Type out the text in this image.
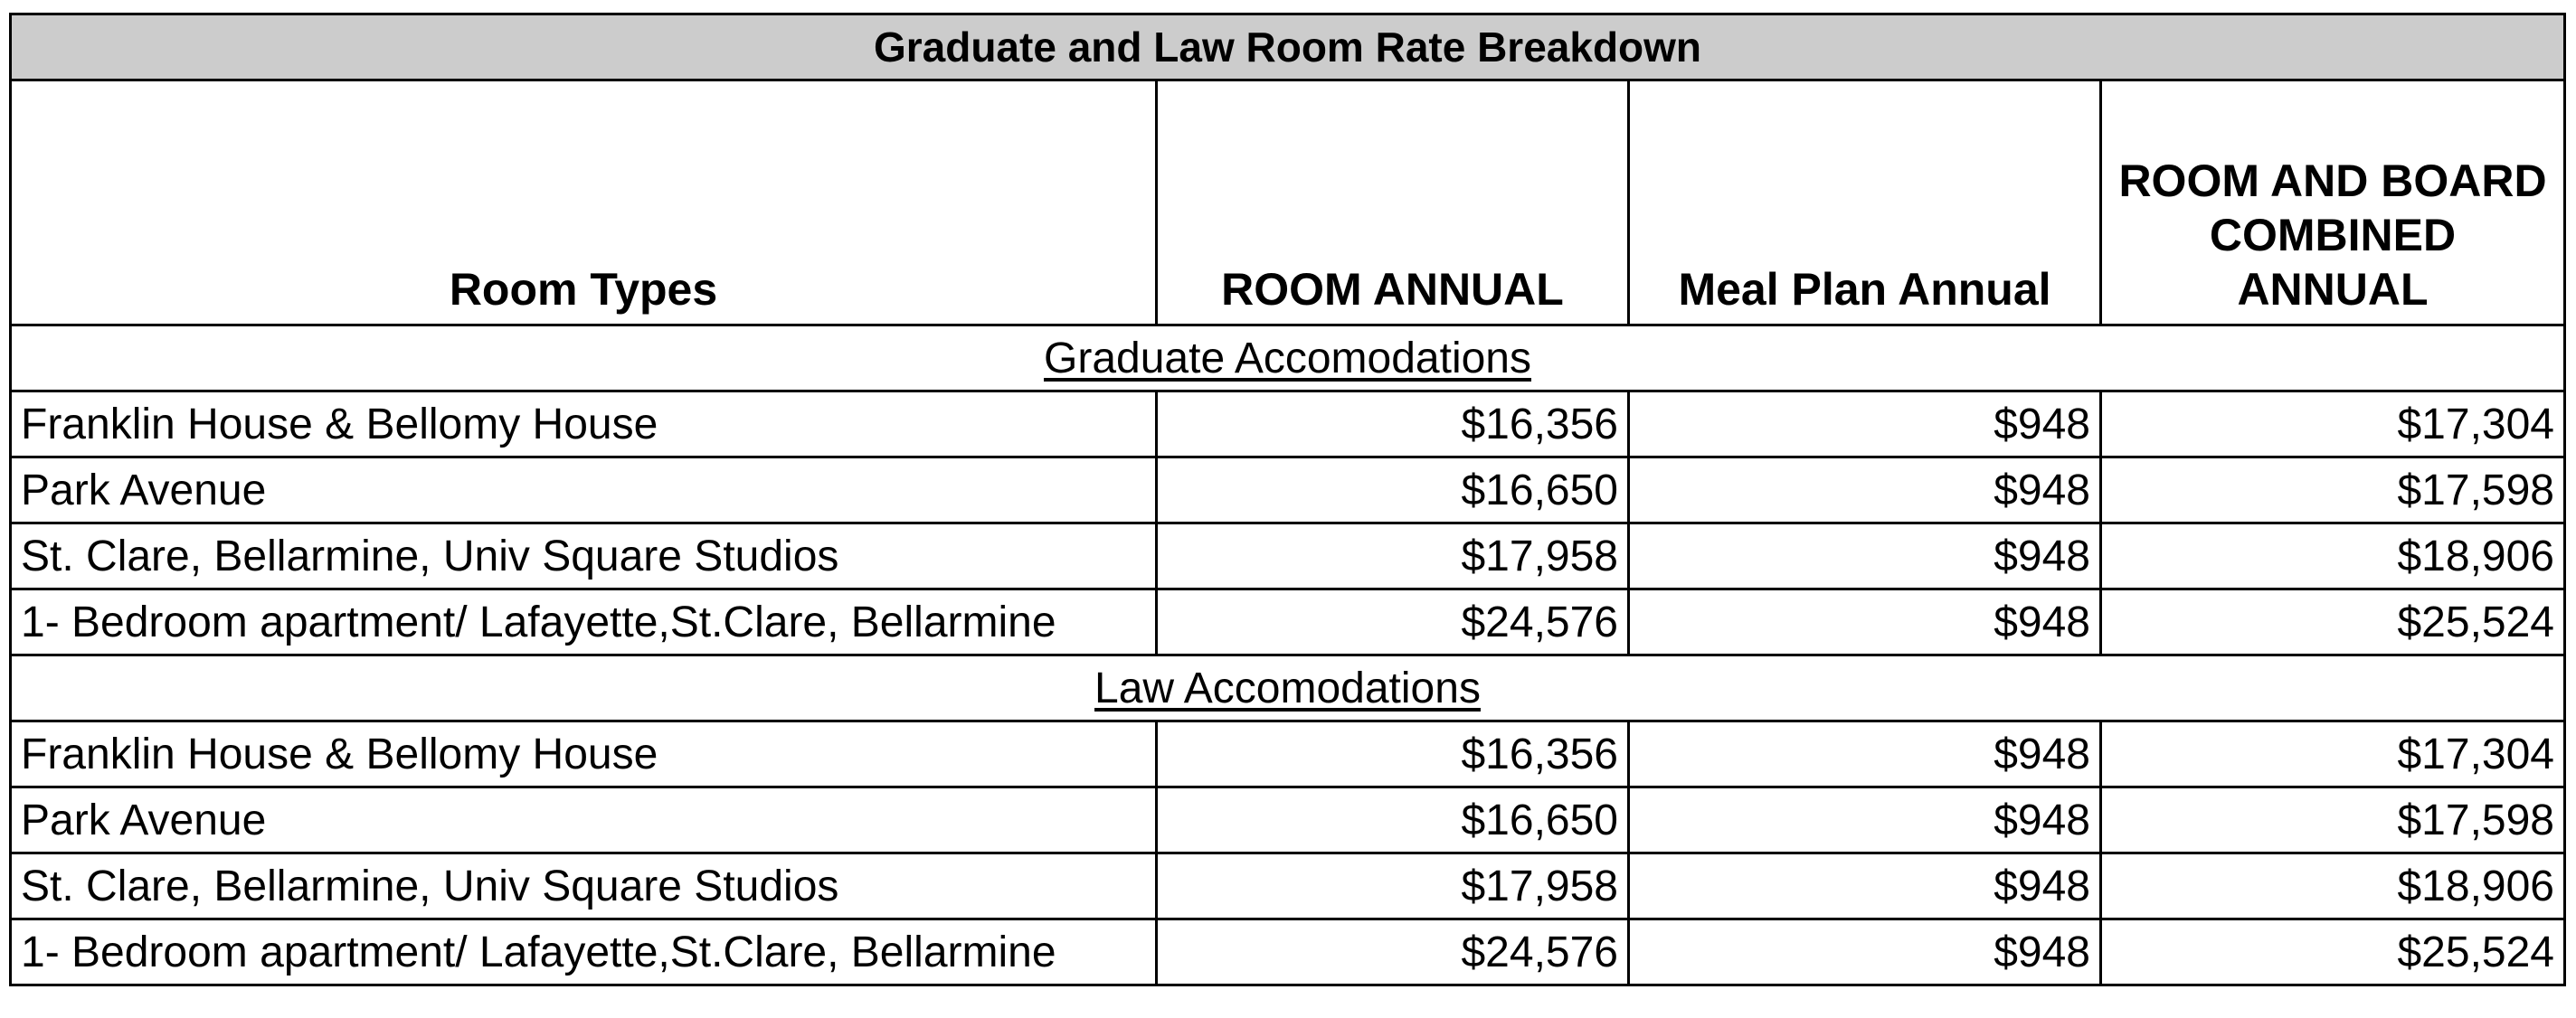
Graduate and Law Room Rate Breakdown			
Room Types	ROOM ANNUAL	Meal Plan Annual	ROOM AND BOARD COMBINED ANNUAL
Graduate Accomodations			
Franklin House & Bellomy House	$16,356	$948	$17,304
Park Avenue	$16,650	$948	$17,598
St. Clare, Bellarmine, Univ Square Studios	$17,958	$948	$18,906
1- Bedroom apartment/ Lafayette,St.Clare, Bellarmine	$24,576	$948	$25,524
Law Accomodations			
Franklin House & Bellomy House	$16,356	$948	$17,304
Park Avenue	$16,650	$948	$17,598
St. Clare, Bellarmine, Univ Square Studios	$17,958	$948	$18,906
1- Bedroom apartment/ Lafayette,St.Clare, Bellarmine	$24,576	$948	$25,524
